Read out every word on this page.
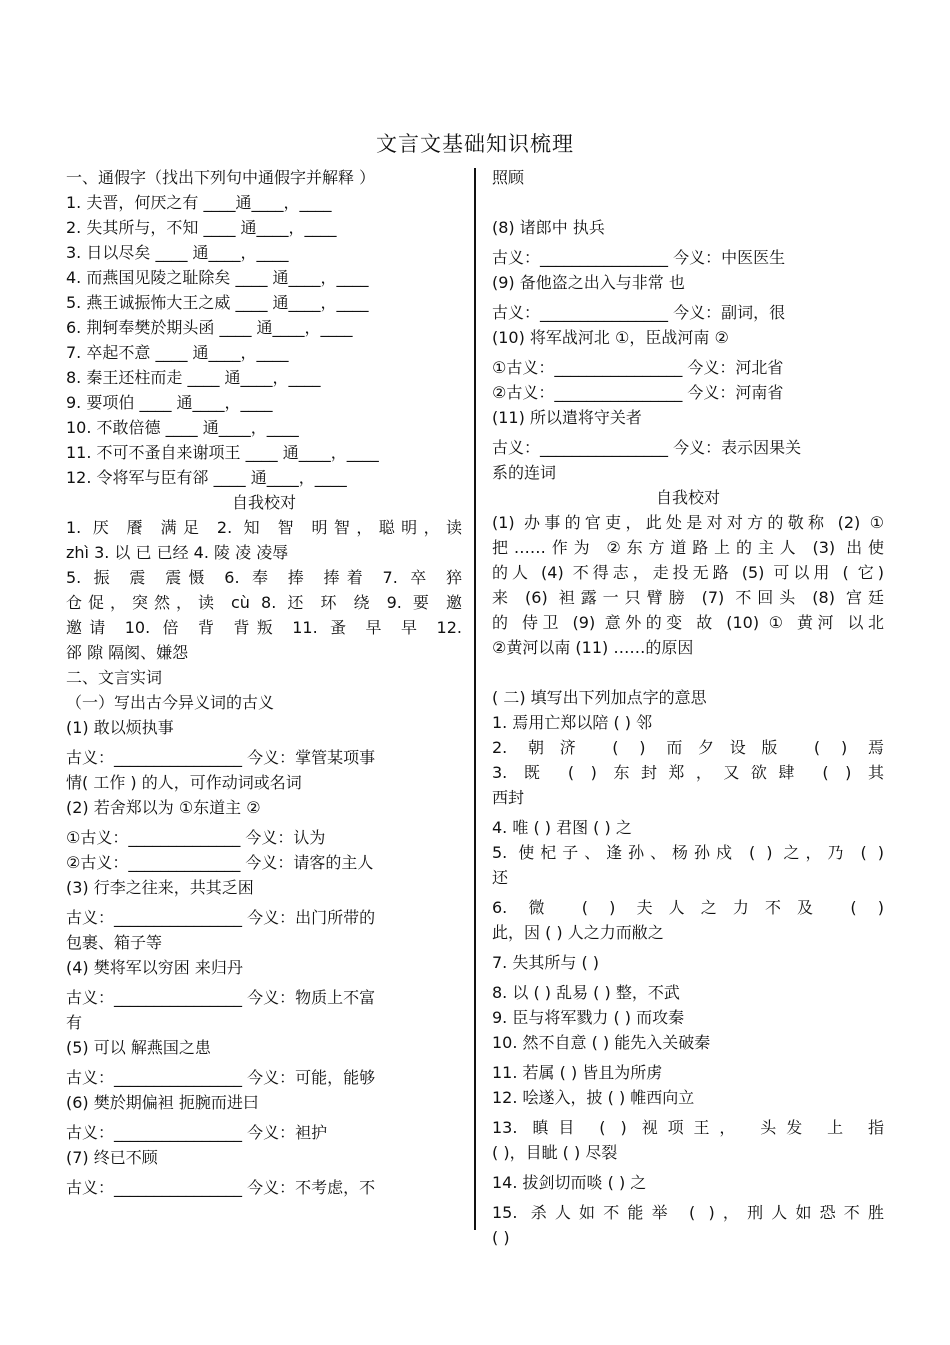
文言文基础知识梳理
一、通假字（找出下列句中通假字并解释 ）
1. 夫晋，何厌之有 ____通____，____
2. 失其所与，不知 ____ 通____，____
3. 日以尽矣 ____ 通____，____
4. 而燕国见陵之耻除矣 ____ 通____，____
5. 燕王诚振怖大王之威 ____ 通____，____
6. 荆轲奉樊於期头函 ____ 通____，____
7. 卒起不意 ____ 通____，____
8. 秦王还柱而走 ____ 通____，____
9. 要项伯 ____ 通____，____
10. 不敢倍德 ____ 通____，____
11. 不可不蚤自来谢项王 ____ 通____，____
12. 令将军与臣有郤 ____ 通____，____
自我校对
1. 厌 餍 满足 2. 知 智 明智，聪明，读
zhì 3. 以 已 已经 4. 陵 凌 凌辱
5. 振 震 震慑 6. 奉 捧 捧着 7. 卒 猝
仓促，突然，读 cù 8. 还 环 绕 9. 要 邀
邀请 10. 倍 背 背叛 11. 蚤 早 早 12.
郤 隙 隔阂、嫌怨
二、文言实词
（一）写出古今异义词的古义
(1) 敢以烦执事
古义：________________ 今义：掌管某项事
情( 工作 ) 的人，可作动词或名词
(2) 若舍郑以为 ①东道主 ②
①古义：______________ 今义：认为
②古义：______________ 今义：请客的主人
(3) 行李之往来，共其乏困
古义：________________ 今义：出门所带的
包裹、箱子等
(4) 樊将军以穷困 来归丹
古义：________________ 今义：物质上不富
有
(5) 可以 解燕国之患
古义：________________ 今义：可能，能够
(6) 樊於期偏袒 扼腕而进曰
古义：________________ 今义：袒护
(7) 终已不顾
古义：________________ 今义：不考虑，不
照顾
(8) 诸郎中 执兵
古义：________________ 今义：中医医生
(9) 备他盗之出入与非常 也
古义：________________ 今义：副词，很
(10) 将军战河北 ①，臣战河南 ②
①古义：________________ 今义：河北省
②古义：________________ 今义：河南省
(11) 所以遣将守关者
古义：________________ 今义：表示因果关
系的连词
自我校对
(1) 办事的官吏，此处是对对方的敬称 (2) ①
把……作为 ②东方道路上的主人 (3) 出使
的人 (4) 不得志，走投无路 (5) 可以用 ( 它)
来 (6) 袒露一只臂膀 (7) 不回头 (8) 宫廷
的 侍卫 (9) 意外的变 故 (10) ① 黄河 以北
②黄河以南 (11) ……的原因
( 二) 填写出下列加点字的意思
1. 焉用亡郑以陪 ( ) 邻
2. 朝济 ( ) 而夕设版 ( ) 焉
3. 既 ( ) 东封郑，又欲肆 ( ) 其
西封
4. 唯 ( ) 君图 ( ) 之
5. 使杞子、逢孙、杨孙戍 ( ) 之，乃 ( )
还
6. 微 ( ) 夫人之力不及 ( )
此，因 ( ) 人之力而敝之
7. 失其所与 ( )
8. 以 ( ) 乱易 ( ) 整，不武
9. 臣与将军戮力 ( ) 而攻秦
10. 然不自意 ( ) 能先入关破秦
11. 若属 ( ) 皆且为所虏
12. 哙遂入，披 ( ) 帷西向立
13. 瞋目 ( ) 视项王， 头发 上 指
( )，目眦 ( ) 尽裂
14. 拔剑切而啖 ( ) 之
15. 杀人如不能举 ( )，刑人如恐不胜
( )
